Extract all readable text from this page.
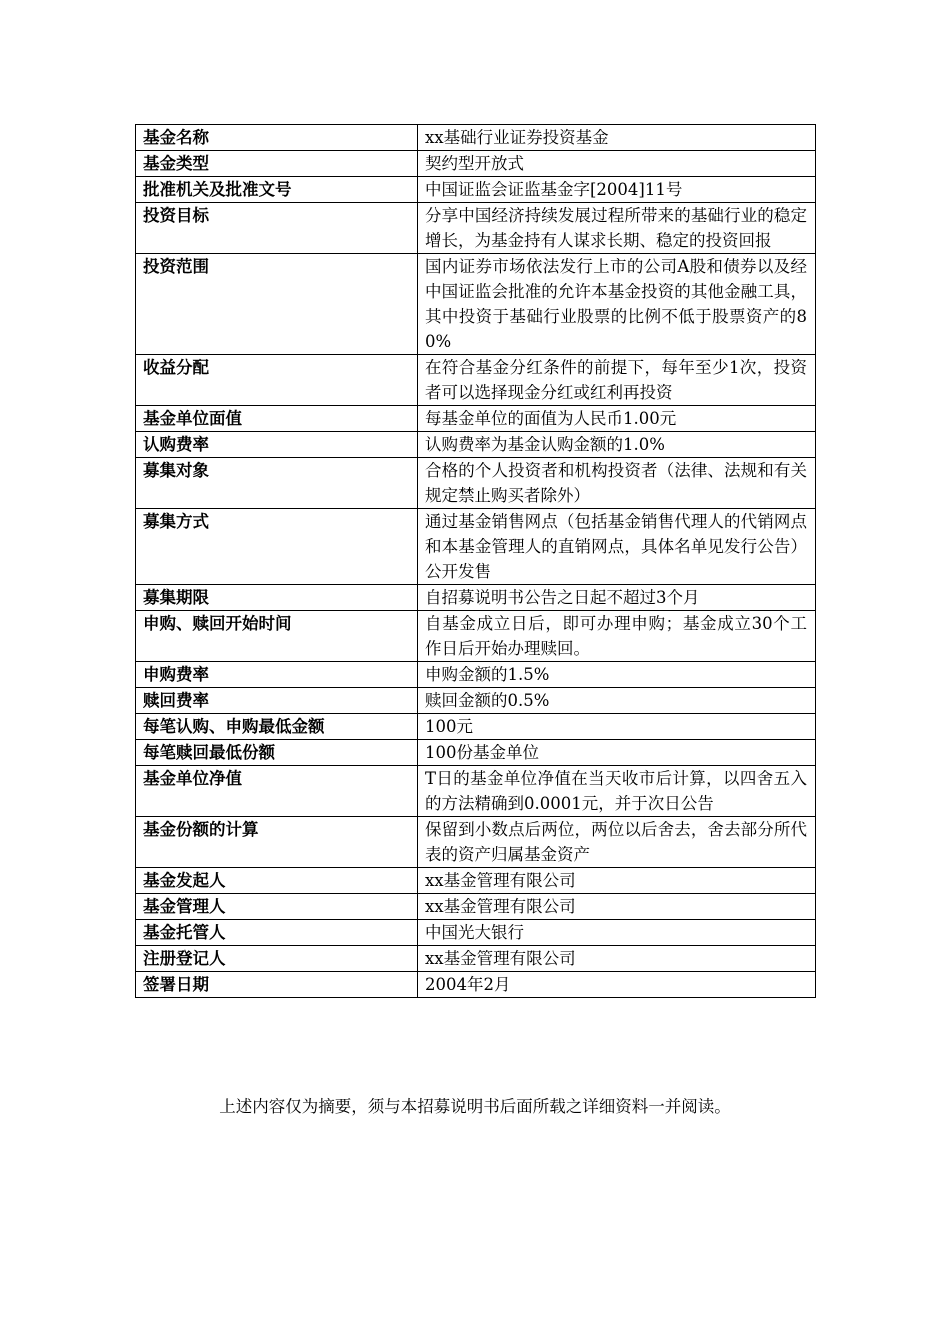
基金名称	xx基础行业证券投资基金
基金类型	契约型开放式
批准机关及批准文号	中国证监会证监基金字[2004]11号
投资目标	分享中国经济持续发展过程所带来的基础行业的稳定增长，为基金持有人谋求长期、稳定的投资回报
投资范围	国内证券市场依法发行上市的公司A股和债券以及经中国证监会批准的允许本基金投资的其他金融工具，其中投资于基础行业股票的比例不低于股票资产的80%
收益分配	在符合基金分红条件的前提下，每年至少1次，投资者可以选择现金分红或红利再投资
基金单位面值	每基金单位的面值为人民币1.00元
认购费率	认购费率为基金认购金额的1.0%
募集对象	合格的个人投资者和机构投资者（法律、法规和有关规定禁止购买者除外）
募集方式	通过基金销售网点（包括基金销售代理人的代销网点和本基金管理人的直销网点，具体名单见发行公告）公开发售
募集期限	自招募说明书公告之日起不超过3个月
申购、赎回开始时间	自基金成立日后，即可办理申购；基金成立30个工作日后开始办理赎回。
申购费率	申购金额的1.5%
赎回费率	赎回金额的0.5%
每笔认购、申购最低金额	100元
每笔赎回最低份额	100份基金单位
基金单位净值	T日的基金单位净值在当天收市后计算，以四舍五入的方法精确到0.0001元，并于次日公告
基金份额的计算	保留到小数点后两位，两位以后舍去，舍去部分所代表的资产归属基金资产
基金发起人	xx基金管理有限公司
基金管理人	xx基金管理有限公司
基金托管人	中国光大银行
注册登记人	xx基金管理有限公司
签署日期	2004年2月

上述内容仅为摘要，须与本招募说明书后面所载之详细资料一并阅读。
